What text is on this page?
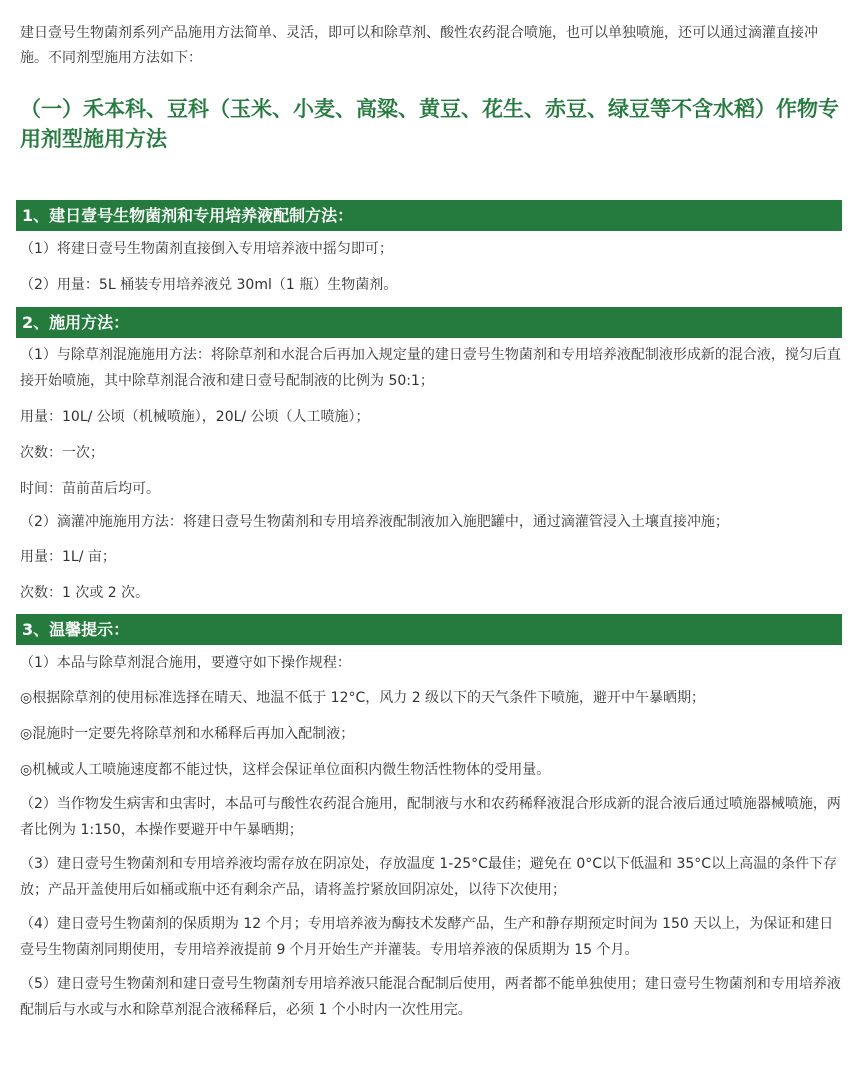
建日壹号生物菌剂系列产品施用方法简单、灵活，即可以和除草剂、酸性农药混合喷施，也可以单独喷施，还可以通过滴灌直接冲施。不同剂型施用方法如下：

（一）禾本科、豆科（玉米、小麦、高粱、黄豆、花生、赤豆、绿豆等不含水稻）作物专用剂型施用方法
1、建日壹号生物菌剂和专用培养液配制方法：

（1）将建日壹号生物菌剂直接倒入专用培养液中摇匀即可；

（2）用量：5L 桶装专用培养液兑 30ml（1 瓶）生物菌剂。

2、施用方法：

（1）与除草剂混施施用方法：将除草剂和水混合后再加入规定量的建日壹号生物菌剂和专用培养液配制液形成新的混合液，搅匀后直接开始喷施，其中除草剂混合液和建日壹号配制液的比例为 50:1；

用量：10L/ 公顷（机械喷施），20L/ 公顷（人工喷施）；

次数：一次；

时间：苗前苗后均可。

（2）滴灌冲施施用方法：将建日壹号生物菌剂和专用培养液配制液加入施肥罐中，通过滴灌管浸入土壤直接冲施；

用量：1L/ 亩；

次数：1 次或 2 次。

3、温馨提示：

（1）本品与除草剂混合施用，要遵守如下操作规程：

◎根据除草剂的使用标准选择在晴天、地温不低于 12°C，风力 2 级以下的天气条件下喷施，避开中午暴晒期；

◎混施时一定要先将除草剂和水稀释后再加入配制液；

◎机械或人工喷施速度都不能过快，这样会保证单位面积内微生物活性物体的受用量。

（2）当作物发生病害和虫害时，本品可与酸性农药混合施用，配制液与水和农药稀释液混合形成新的混合液后通过喷施器械喷施，两者比例为 1:150，本操作要避开中午暴晒期；

（3）建日壹号生物菌剂和专用培养液均需存放在阴凉处，存放温度 1-25°C最佳；避免在 0°C以下低温和 35°C以上高温的条件下存放；产品开盖使用后如桶或瓶中还有剩余产品，请将盖拧紧放回阴凉处，以待下次使用；

（4）建日壹号生物菌剂的保质期为 12 个月；专用培养液为酶技术发酵产品，生产和静存期预定时间为 150 天以上，为保证和建日壹号生物菌剂同期使用，专用培养液提前 9 个月开始生产并灌装。专用培养液的保质期为 15 个月。

（5）建日壹号生物菌剂和建日壹号生物菌剂专用培养液只能混合配制后使用，两者都不能单独使用；建日壹号生物菌剂和专用培养液配制后与水或与水和除草剂混合液稀释后，必须 1 个小时内一次性用完。
